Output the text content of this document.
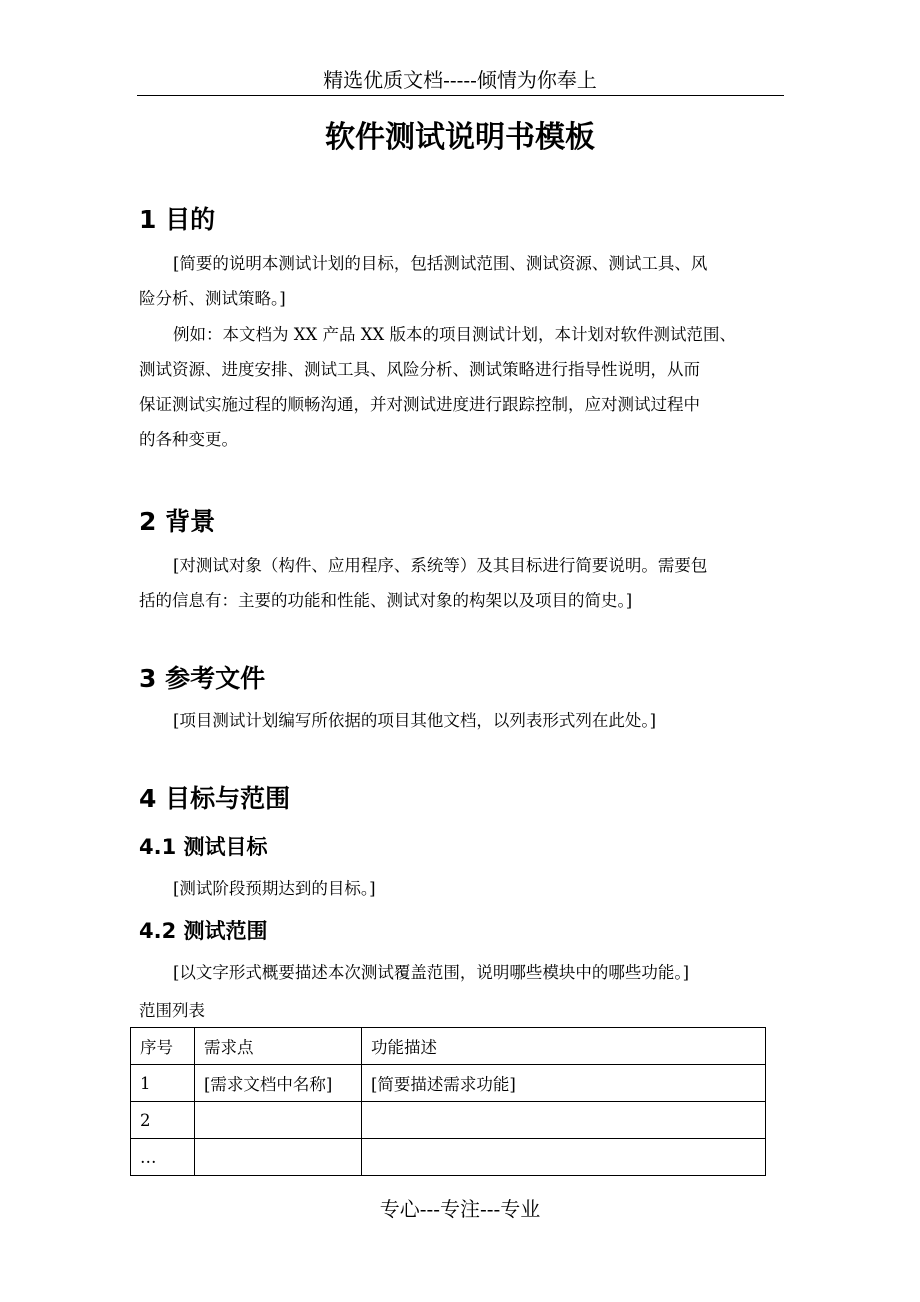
精选优质文档-----倾情为你奉上
软件测试说明书模板
1 目的

[简要的说明本测试计划的目标，包括测试范围、测试资源、测试工具、风
险分析、测试策略。]

例如：本文档为 XX 产品 XX 版本的项目测试计划，本计划对软件测试范围、
测试资源、进度安排、测试工具、风险分析、测试策略进行指导性说明，从而
保证测试实施过程的顺畅沟通，并对测试进度进行跟踪控制，应对测试过程中
的各种变更。

2 背景

[对测试对象（构件、应用程序、系统等）及其目标进行简要说明。需要包
括的信息有：主要的功能和性能、测试对象的构架以及项目的简史。]

3 参考文件

[项目测试计划编写所依据的项目其他文档，以列表形式列在此处。]

4 目标与范围
4.1 测试目标

[测试阶段预期达到的目标。]

4.2 测试范围

[以文字形式概要描述本次测试覆盖范围，说明哪些模块中的哪些功能。]

范围列表
序号	需求点	功能描述
1	[需求文档中名称]	[简要描述需求功能]
2		
…		
专心---专注---专业
